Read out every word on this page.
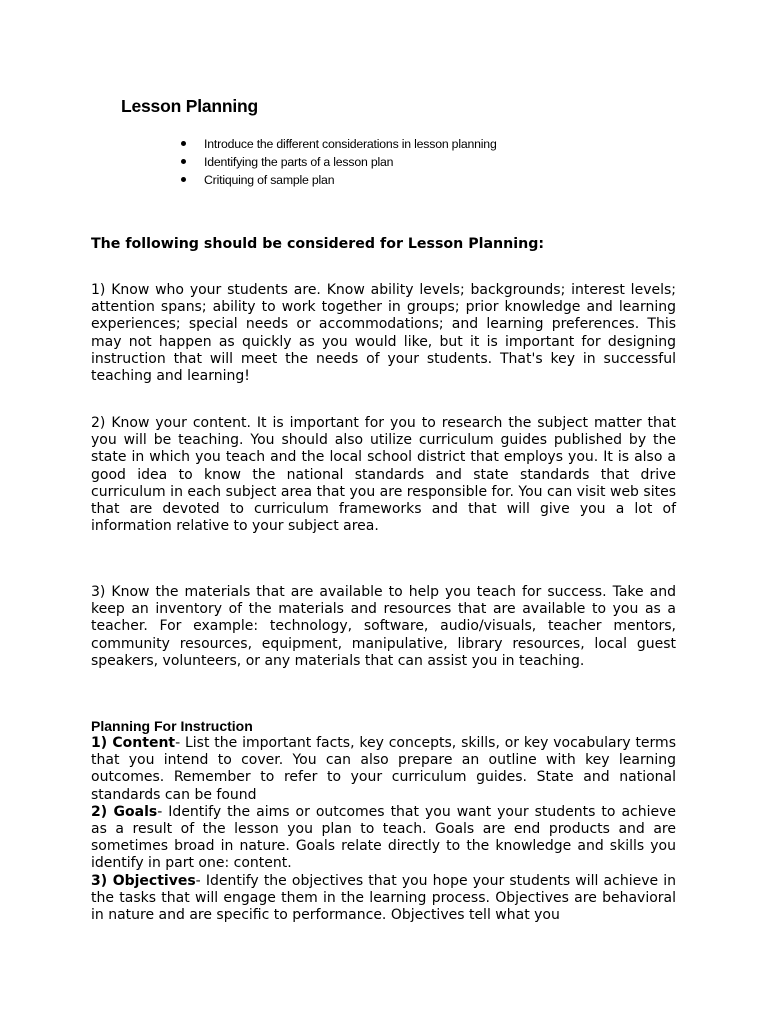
Lesson Planning
Introduce the different considerations in lesson planning
Identifying the parts of a lesson plan
Critiquing of sample plan
The following should be considered for Lesson Planning:

1) Know who your students are. Know ability levels; backgrounds; interest levels; attention spans; ability to work together in groups; prior knowledge and learning experiences; special needs or accommodations; and learning preferences. This may not happen as quickly as you would like, but it is important for designing instruction that will meet the needs of your students. That's key in successful teaching and learning!

2) Know your content. It is important for you to research the subject matter that you will be teaching. You should also utilize curriculum guides published by the state in which you teach and the local school district that employs you. It is also a good idea to know the national standards and state standards that drive curriculum in each subject area that you are responsible for. You can visit web sites that are devoted to curriculum frameworks and that will give you a lot of information relative to your subject area.

3) Know the materials that are available to help you teach for success. Take and keep an inventory of the materials and resources that are available to you as a teacher. For example: technology, software, audio/visuals, teacher mentors, community resources, equipment, manipulative, library resources, local guest speakers, volunteers, or any materials that can assist you in teaching.

Planning For Instruction

1) Content- List the important facts, key concepts, skills, or key vocabulary terms that you intend to cover. You can also prepare an outline with key learning outcomes. Remember to refer to your curriculum guides. State and national standards can be found

2) Goals- Identify the aims or outcomes that you want your students to achieve as a result of the lesson you plan to teach. Goals are end products and are sometimes broad in nature. Goals relate directly to the knowledge and skills you identify in part one: content.

3) Objectives- Identify the objectives that you hope your students will achieve in the tasks that will engage them in the learning process. Objectives are behavioral in nature and are specific to performance. Objectives tell what you
